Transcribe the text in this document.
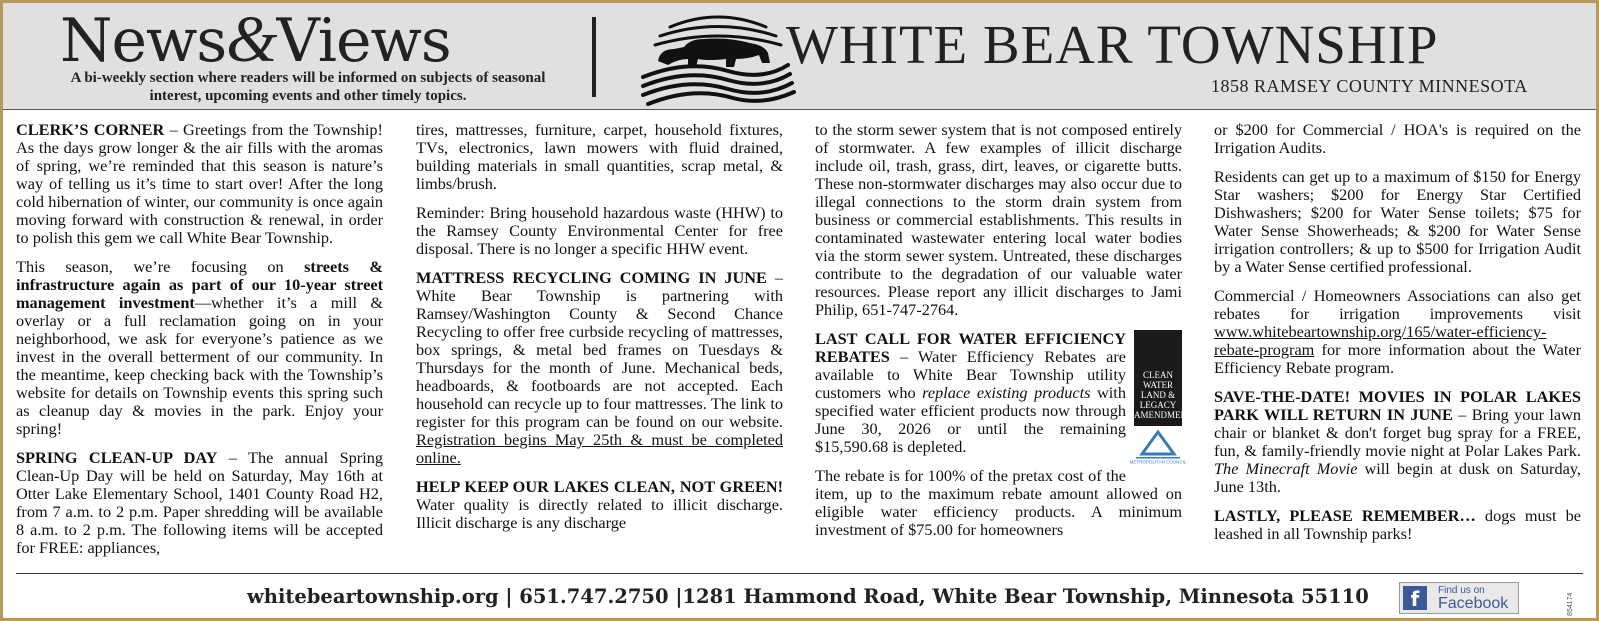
News&Views
A bi-weekly section where readers will be informed on subjects of seasonal interest, upcoming events and other timely topics.
WHITE BEAR TOWNSHIP
1858 RAMSEY COUNTY MINNESOTA

CLERK’S CORNER – Greetings from the Township! As the days grow longer & the air fills with the aromas of spring, we’re reminded that this season is nature’s way of telling us it’s time to start over! After the long cold hibernation of winter, our community is once again moving forward with construction & renewal, in order to polish this gem we call White Bear Township.

This season, we’re focusing on streets & infrastructure again as part of our 10-year street management investment—whether it’s a mill & overlay or a full reclamation going on in your neighborhood, we ask for everyone’s patience as we invest in the overall betterment of our community. In the meantime, keep checking back with the Township’s website for details on Township events this spring such as cleanup day & movies in the park. Enjoy your spring!

SPRING CLEAN-UP DAY – The annual Spring Clean-Up Day will be held on Saturday, May 16th at Otter Lake Elementary School, 1401 County Road H2, from 7 a.m. to 2 p.m. Paper shredding will be available 8 a.m. to 2 p.m. The following items will be accepted for FREE: appliances,

tires, mattresses, furniture, carpet, household fixtures, TVs, electronics, lawn mowers with fluid drained, building materials in small quantities, scrap metal, & limbs/brush.

Reminder: Bring household hazardous waste (HHW) to the Ramsey County Environmental Center for free disposal. There is no longer a specific HHW event.

MATTRESS RECYCLING COMING IN JUNE – White Bear Township is partnering with Ramsey/Washington County & Second Chance Recycling to offer free curbside recycling of mattresses, box springs, & metal bed frames on Tuesdays & Thursdays for the month of June. Mechanical beds, headboards, & footboards are not accepted. Each household can recycle up to four mattresses. The link to register for this program can be found on our website. Registration begins May 25th & must be completed online.

HELP KEEP OUR LAKES CLEAN, NOT GREEN! Water quality is directly related to illicit discharge. Illicit discharge is any discharge

to the storm sewer system that is not composed entirely of stormwater. A few examples of illicit discharge include oil, trash, grass, dirt, leaves, or cigarette butts. These non-stormwater discharges may also occur due to illegal connections to the storm drain system from business or commercial establishments. This results in contaminated wastewater entering local water bodies via the storm sewer system. Untreated, these discharges contribute to the degradation of our valuable water resources. Please report any illicit discharges to Jami Philip, 651-747-2764.

CLEAN WATER LAND & LEGACY AMENDMENT
METROPOLITAN COUNCIL

LAST CALL FOR WATER EFFICIENCY REBATES – Water Efficiency Rebates are available to White Bear Township utility customers who replace existing products with specified water efficient products now through June 30, 2026 or until the remaining $15,590.68 is depleted.

The rebate is for 100% of the pretax cost of the item, up to the maximum rebate amount allowed on eligible water efficiency products. A minimum investment of $75.00 for homeowners

or $200 for Commercial / HOA's is required on the Irrigation Audits.

Residents can get up to a maximum of $150 for Energy Star washers; $200 for Energy Star Certified Dishwashers; $200 for Water Sense toilets; $75 for Water Sense Showerheads; & $200 for Water Sense irrigation controllers; & up to $500 for Irrigation Audit by a Water Sense certified professional.

Commercial / Homeowners Associations can also get rebates for irrigation improvements visit www.whitebeartownship.org/165/water-efficiency-rebate-program for more information about the Water Efficiency Rebate program.

SAVE-THE-DATE! MOVIES IN POLAR LAKES PARK WILL RETURN IN JUNE – Bring your lawn chair or blanket & don't forget bug spray for a FREE, fun, & family-friendly movie night at Polar Lakes Park. The Minecraft Movie will begin at dusk on Saturday, June 13th.

LASTLY, PLEASE REMEMBER… dogs must be leashed in all Township parks!

whitebeartownship.org | 651.747.2750 |1281 Hammond Road, White Bear Township, Minnesota 55110	f	Find us on
Facebook	854174
